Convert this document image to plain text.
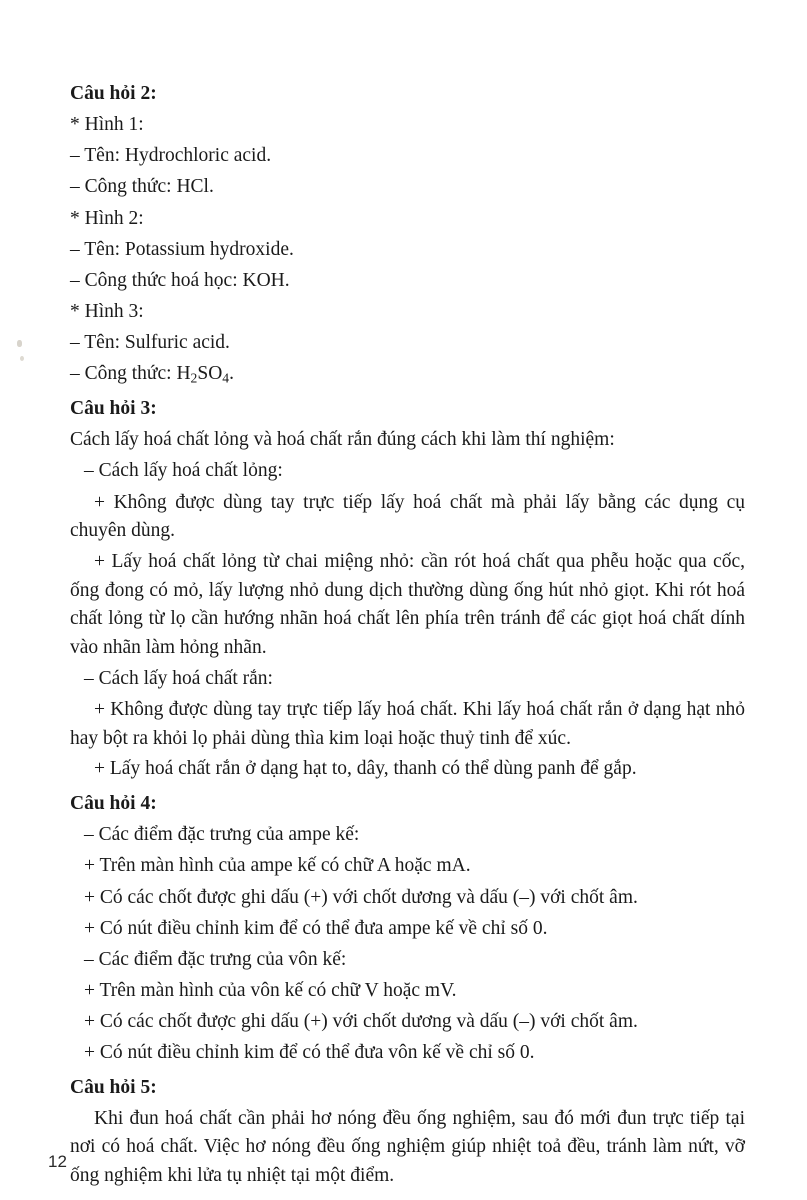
Câu hỏi 2:
* Hình 1:
– Tên: Hydrochloric acid.
– Công thức: HCl.
* Hình 2:
– Tên: Potassium hydroxide.
– Công thức hoá học: KOH.
* Hình 3:
– Tên: Sulfuric acid.
– Công thức: $H_2SO_4$.
Câu hỏi 3:
Cách lấy hoá chất lỏng và hoá chất rắn đúng cách khi làm thí nghiệm:
– Cách lấy hoá chất lỏng:
+ Không được dùng tay trực tiếp lấy hoá chất mà phải lấy bằng các dụng cụ chuyên dùng.
+ Lấy hoá chất lỏng từ chai miệng nhỏ: cần rót hoá chất qua phễu hoặc qua cốc, ống đong có mỏ, lấy lượng nhỏ dung dịch thường dùng ống hút nhỏ giọt. Khi rót hoá chất lỏng từ lọ cần hướng nhãn hoá chất lên phía trên tránh để các giọt hoá chất dính vào nhãn làm hỏng nhãn.
– Cách lấy hoá chất rắn:
+ Không được dùng tay trực tiếp lấy hoá chất. Khi lấy hoá chất rắn ở dạng hạt nhỏ hay bột ra khỏi lọ phải dùng thìa kim loại hoặc thuỷ tinh để xúc.
+ Lấy hoá chất rắn ở dạng hạt to, dây, thanh có thể dùng panh để gắp.
Câu hỏi 4:
– Các điểm đặc trưng của ampe kế:
+ Trên màn hình của ampe kế có chữ A hoặc mA.
+ Có các chốt được ghi dấu (+) với chốt dương và dấu (–) với chốt âm.
+ Có nút điều chỉnh kim để có thể đưa ampe kế về chỉ số 0.
– Các điểm đặc trưng của vôn kế:
+ Trên màn hình của vôn kế có chữ V hoặc mV.
+ Có các chốt được ghi dấu (+) với chốt dương và dấu (–) với chốt âm.
+ Có nút điều chỉnh kim để có thể đưa vôn kế về chỉ số 0.
Câu hỏi 5:
Khi đun hoá chất cần phải hơ nóng đều ống nghiệm, sau đó mới đun trực tiếp tại nơi có hoá chất. Việc hơ nóng đều ống nghiệm giúp nhiệt toả đều, tránh làm nứt, vỡ ống nghiệm khi lửa tụ nhiệt tại một điểm.
12
